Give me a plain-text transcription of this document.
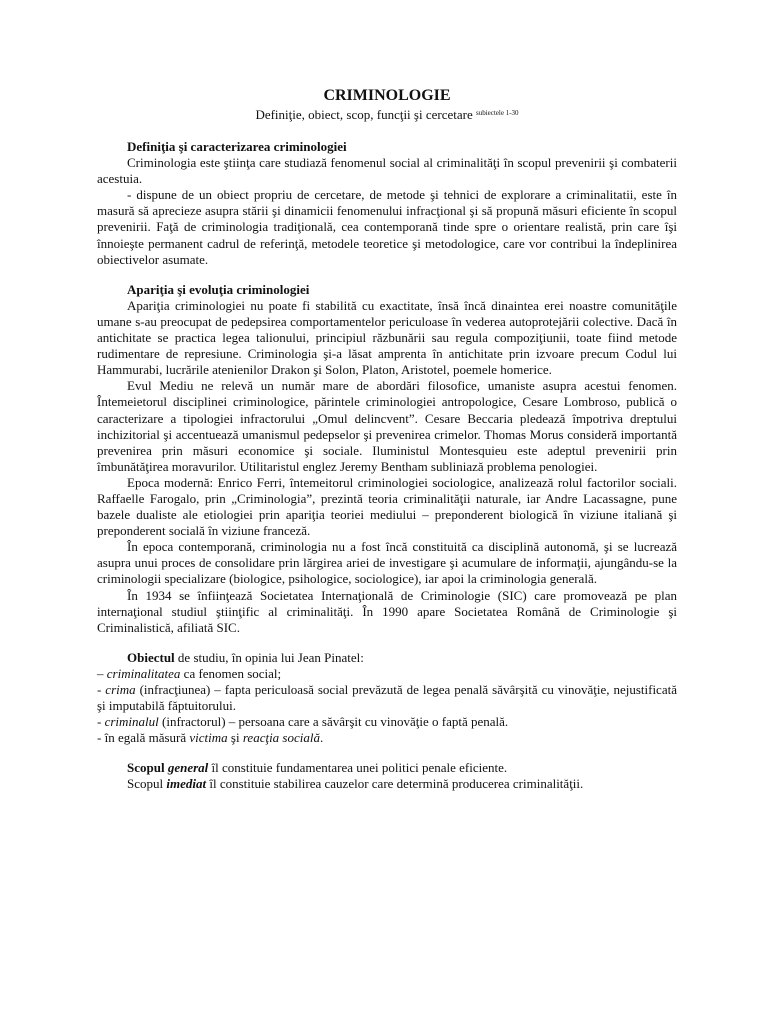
CRIMINOLOGIE
Definiţie, obiect, scop, funcţii şi cercetare $^{subiectele 1-30}$
Definiţia şi caracterizarea criminologiei

Criminologia este ştiinţa care studiază fenomenul social al criminalităţi în scopul prevenirii şi combaterii acestuia.

- dispune de un obiect propriu de cercetare, de metode şi tehnici de explorare a criminalitatii, este în masură să aprecieze asupra stării şi dinamicii fenomenului infracţional şi să propună măsuri eficiente în scopul prevenirii. Faţă de criminologia tradiţională, cea contemporană tinde spre o orientare realistă, prin care îşi înnoieşte permanent cadrul de referinţă, metodele teoretice şi metodologice, care vor contribui la îndeplinirea obiectivelor asumate.

Apariţia şi evoluţia criminologiei

Apariţia criminologiei nu poate fi stabilită cu exactitate, însă încă dinaintea erei noastre comunităţile umane s-au preocupat de pedepsirea comportamentelor periculoase în vederea autoprotejării colective. Dacă în antichitate se practica legea talionului, principiul răzbunării sau regula compoziţiunii, toate fiind metode rudimentare de represiune. Criminologia şi-a lăsat amprenta în antichitate prin izvoare precum Codul lui Hammurabi, lucrările atenienilor Drakon şi Solon, Platon, Aristotel, poemele homerice.

Evul Mediu ne relevă un număr mare de abordări filosofice, umaniste asupra acestui fenomen. Întemeietorul disciplinei criminologice, părintele criminologiei antropologice, Cesare Lombroso, publică o caracterizare a tipologiei infractorului „Omul delincvent”. Cesare Beccaria pledează împotriva dreptului inchizitorial şi accentuează umanismul pedepselor şi prevenirea crimelor. Thomas Morus consideră importantă prevenirea prin măsuri economice şi sociale. Iluministul Montesquieu este adeptul prevenirii prin îmbunătăţirea moravurilor. Utilitaristul englez Jeremy Bentham subliniază problema penologiei.

Epoca modernă: Enrico Ferri, întemeitorul criminologiei sociologice, analizează rolul factorilor sociali. Raffaelle Farogalo, prin „Criminologia”, prezintă teoria criminalităţii naturale, iar Andre Lacassagne, pune bazele dualiste ale etiologiei prin apariţia teoriei mediului – preponderent biologică în viziune italiană şi preponderent socială în viziune franceză.

În epoca contemporană, criminologia nu a fost încă constituită ca disciplină autonomă, şi se lucrează asupra unui proces de consolidare prin lărgirea ariei de investigare şi acumulare de informaţii, ajungându-se la criminologii specializare (biologice, psihologice, sociologice), iar apoi la criminologia generală.

În 1934 se înfiinţează Societatea Internaţională de Criminologie (SIC) care promovează pe plan internaţional studiul ştiinţific al criminalităţi. În 1990 apare Societatea Română de Criminologie şi Criminalistică, afiliată SIC.

Obiectul de studiu, în opinia lui Jean Pinatel:

– criminalitatea ca fenomen social;

- crima (infracţiunea) – fapta periculoasă social prevăzută de legea penală săvârşită cu vinovăţie, nejustificată şi imputabilă făptuitorului.

- criminalul (infractorul) – persoana care a săvârşit cu vinovăţie o faptă penală.

- în egală măsură victima şi reacţia socială.

Scopul general îl constituie fundamentarea unei politici penale eficiente.
Scopul imediat îl constituie stabilirea cauzelor care determină producerea criminalităţii.
